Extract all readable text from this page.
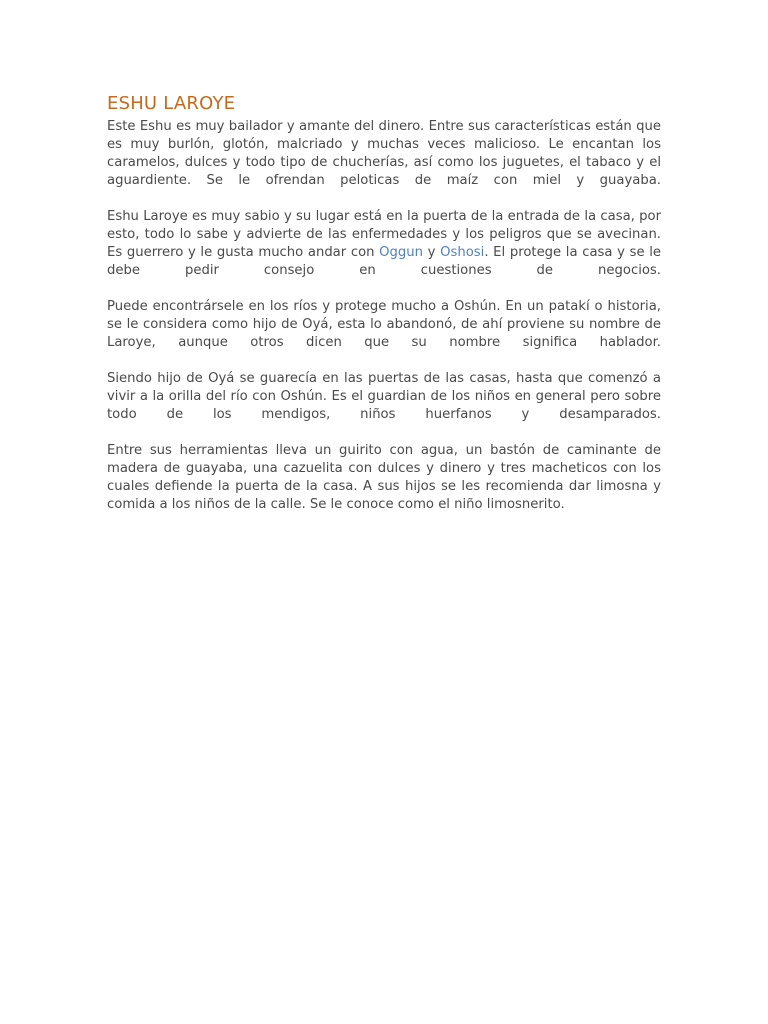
ESHU LAROYE

Este Eshu es muy bailador y amante del dinero. Entre sus características están que es muy burlón, glotón, malcriado y muchas veces malicioso. Le encantan los caramelos, dulces y todo tipo de chucherías, así como los juguetes, el tabaco y el aguardiente. Se le ofrendan peloticas de maíz con miel y guayaba.

Eshu Laroye es muy sabio y su lugar está en la puerta de la entrada de la casa, por esto, todo lo sabe y advierte de las enfermedades y los peligros que se avecinan. Es guerrero y le gusta mucho andar con Oggun y Oshosi. El protege la casa y se le debe pedir consejo en cuestiones de negocios.

Puede encontrársele en los ríos y protege mucho a Oshún. En un patakí o historia, se le considera como hijo de Oyá, esta lo abandonó, de ahí proviene su nombre de Laroye, aunque otros dicen que su nombre significa hablador.

Siendo hijo de Oyá se guarecía en las puertas de las casas, hasta que comenzó a vivir a la orilla del río con Oshún. Es el guardian de los niños en general pero sobre todo de los mendigos, niños huerfanos y desamparados.

Entre sus herramientas lleva un guirito con agua, un bastón de caminante de madera de guayaba, una cazuelita con dulces y dinero y tres macheticos con los cuales defiende la puerta de la casa. A sus hijos se les recomienda dar limosna y comida a los niños de la calle. Se le conoce como el niño limosnerito.
